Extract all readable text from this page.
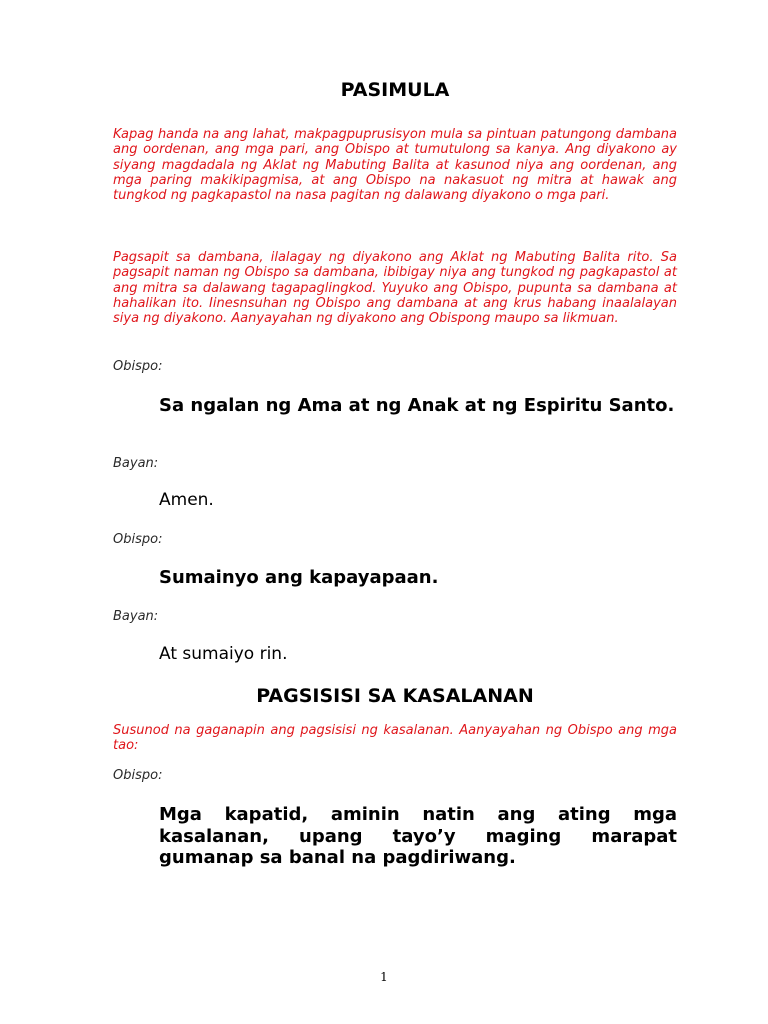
PASIMULA

Kapag handa na ang lahat, makpagpuprusisyon mula sa pintuan patungong dambana ang oordenan, ang mga pari, ang Obispo at tumutulong sa kanya. Ang diyakono ay siyang magdadala ng Aklat ng Mabuting Balita at kasunod niya ang oordenan, ang mga paring makikipagmisa, at ang Obispo na nakasuot ng mitra at hawak ang tungkod ng pagkapastol na nasa pagitan ng dalawang diyakono o mga pari.

Pagsapit sa dambana, ilalagay ng diyakono ang Aklat ng Mabuting Balita rito. Sa pagsapit naman ng Obispo sa dambana, ibibigay niya ang tungkod ng pagkapastol at ang mitra sa dalawang tagapaglingkod. Yuyuko ang Obispo, pupunta sa dambana at hahalikan ito. Iinesnsuhan ng Obispo ang dambana at ang krus habang inaalalayan siya ng diyakono. Aanyayahan ng diyakono ang Obispong maupo sa likmuan.

Obispo:

Sa ngalan ng Ama at ng Anak at ng Espiritu Santo.

Bayan:

Amen.

Obispo:

Sumainyo ang kapayapaan.

Bayan:

At sumaiyo rin.

PAGSISISI SA KASALANAN

Susunod na gaganapin ang pagsisisi ng kasalanan. Aanyayahan ng Obispo ang mga tao:

Obispo:

Mga kapatid, aminin natin ang ating mga kasalanan, upang tayo’y maging marapat gumanap sa banal na pagdiriwang.

1
